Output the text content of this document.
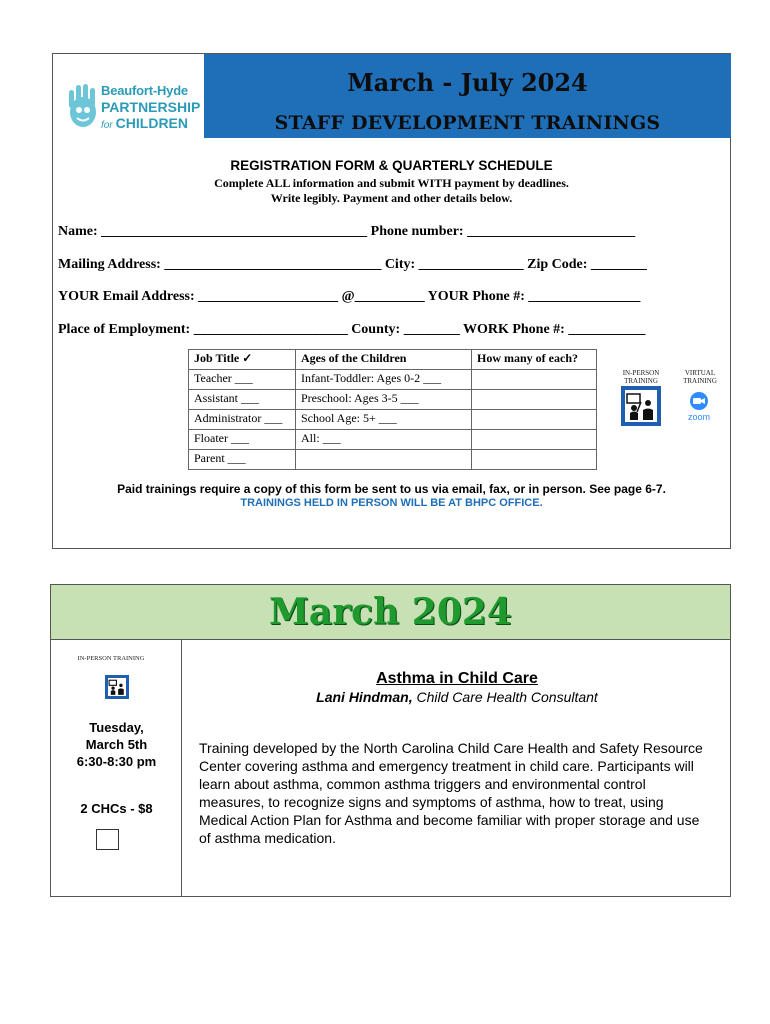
Beaufort-Hyde
PARTNERSHIP
for CHILDREN
March - July 2024
STAFF DEVELOPMENT TRAININGS
REGISTRATION FORM & QUARTERLY SCHEDULE
Complete ALL information and submit WITH payment by deadlines.
Write legibly. Payment and other details below.
Name: ______________________________________ Phone number: ________________________
Mailing Address: _______________________________ City: _______________ Zip Code: ________
YOUR Email Address: ____________________ @__________ YOUR Phone #: ________________
Place of Employment: ______________________ County: ________ WORK Phone #: ___________
Job Title ✓	Ages of the Children	How many of each?
Teacher ___	Infant-Toddler: Ages 0-2 ___	
Assistant ___	Preschool: Ages 3-5 ___	
Administrator ___	School Age: 5+ ___	
Floater ___	All: ___	
Parent ___		
IN-PERSON TRAINING
VIRTUAL TRAINING
zoom
Paid trainings require a copy of this form be sent to us via email, fax, or in person. See page 6-7.
TRAININGS HELD IN PERSON WILL BE AT BHPC OFFICE.
March 2024
IN-PERSON TRAINING
Tuesday,
March 5th
6:30-8:30 pm
2 CHCs - $8
Asthma in Child Care
Lani Hindman, Child Care Health Consultant
Training developed by the North Carolina Child Care Health and Safety Resource Center covering asthma and emergency treatment in child care. Participants will learn about asthma, common asthma triggers and environmental control measures, to recognize signs and symptoms of asthma, how to treat, using Medical Action Plan for Asthma and become familiar with proper storage and use of asthma medication.
